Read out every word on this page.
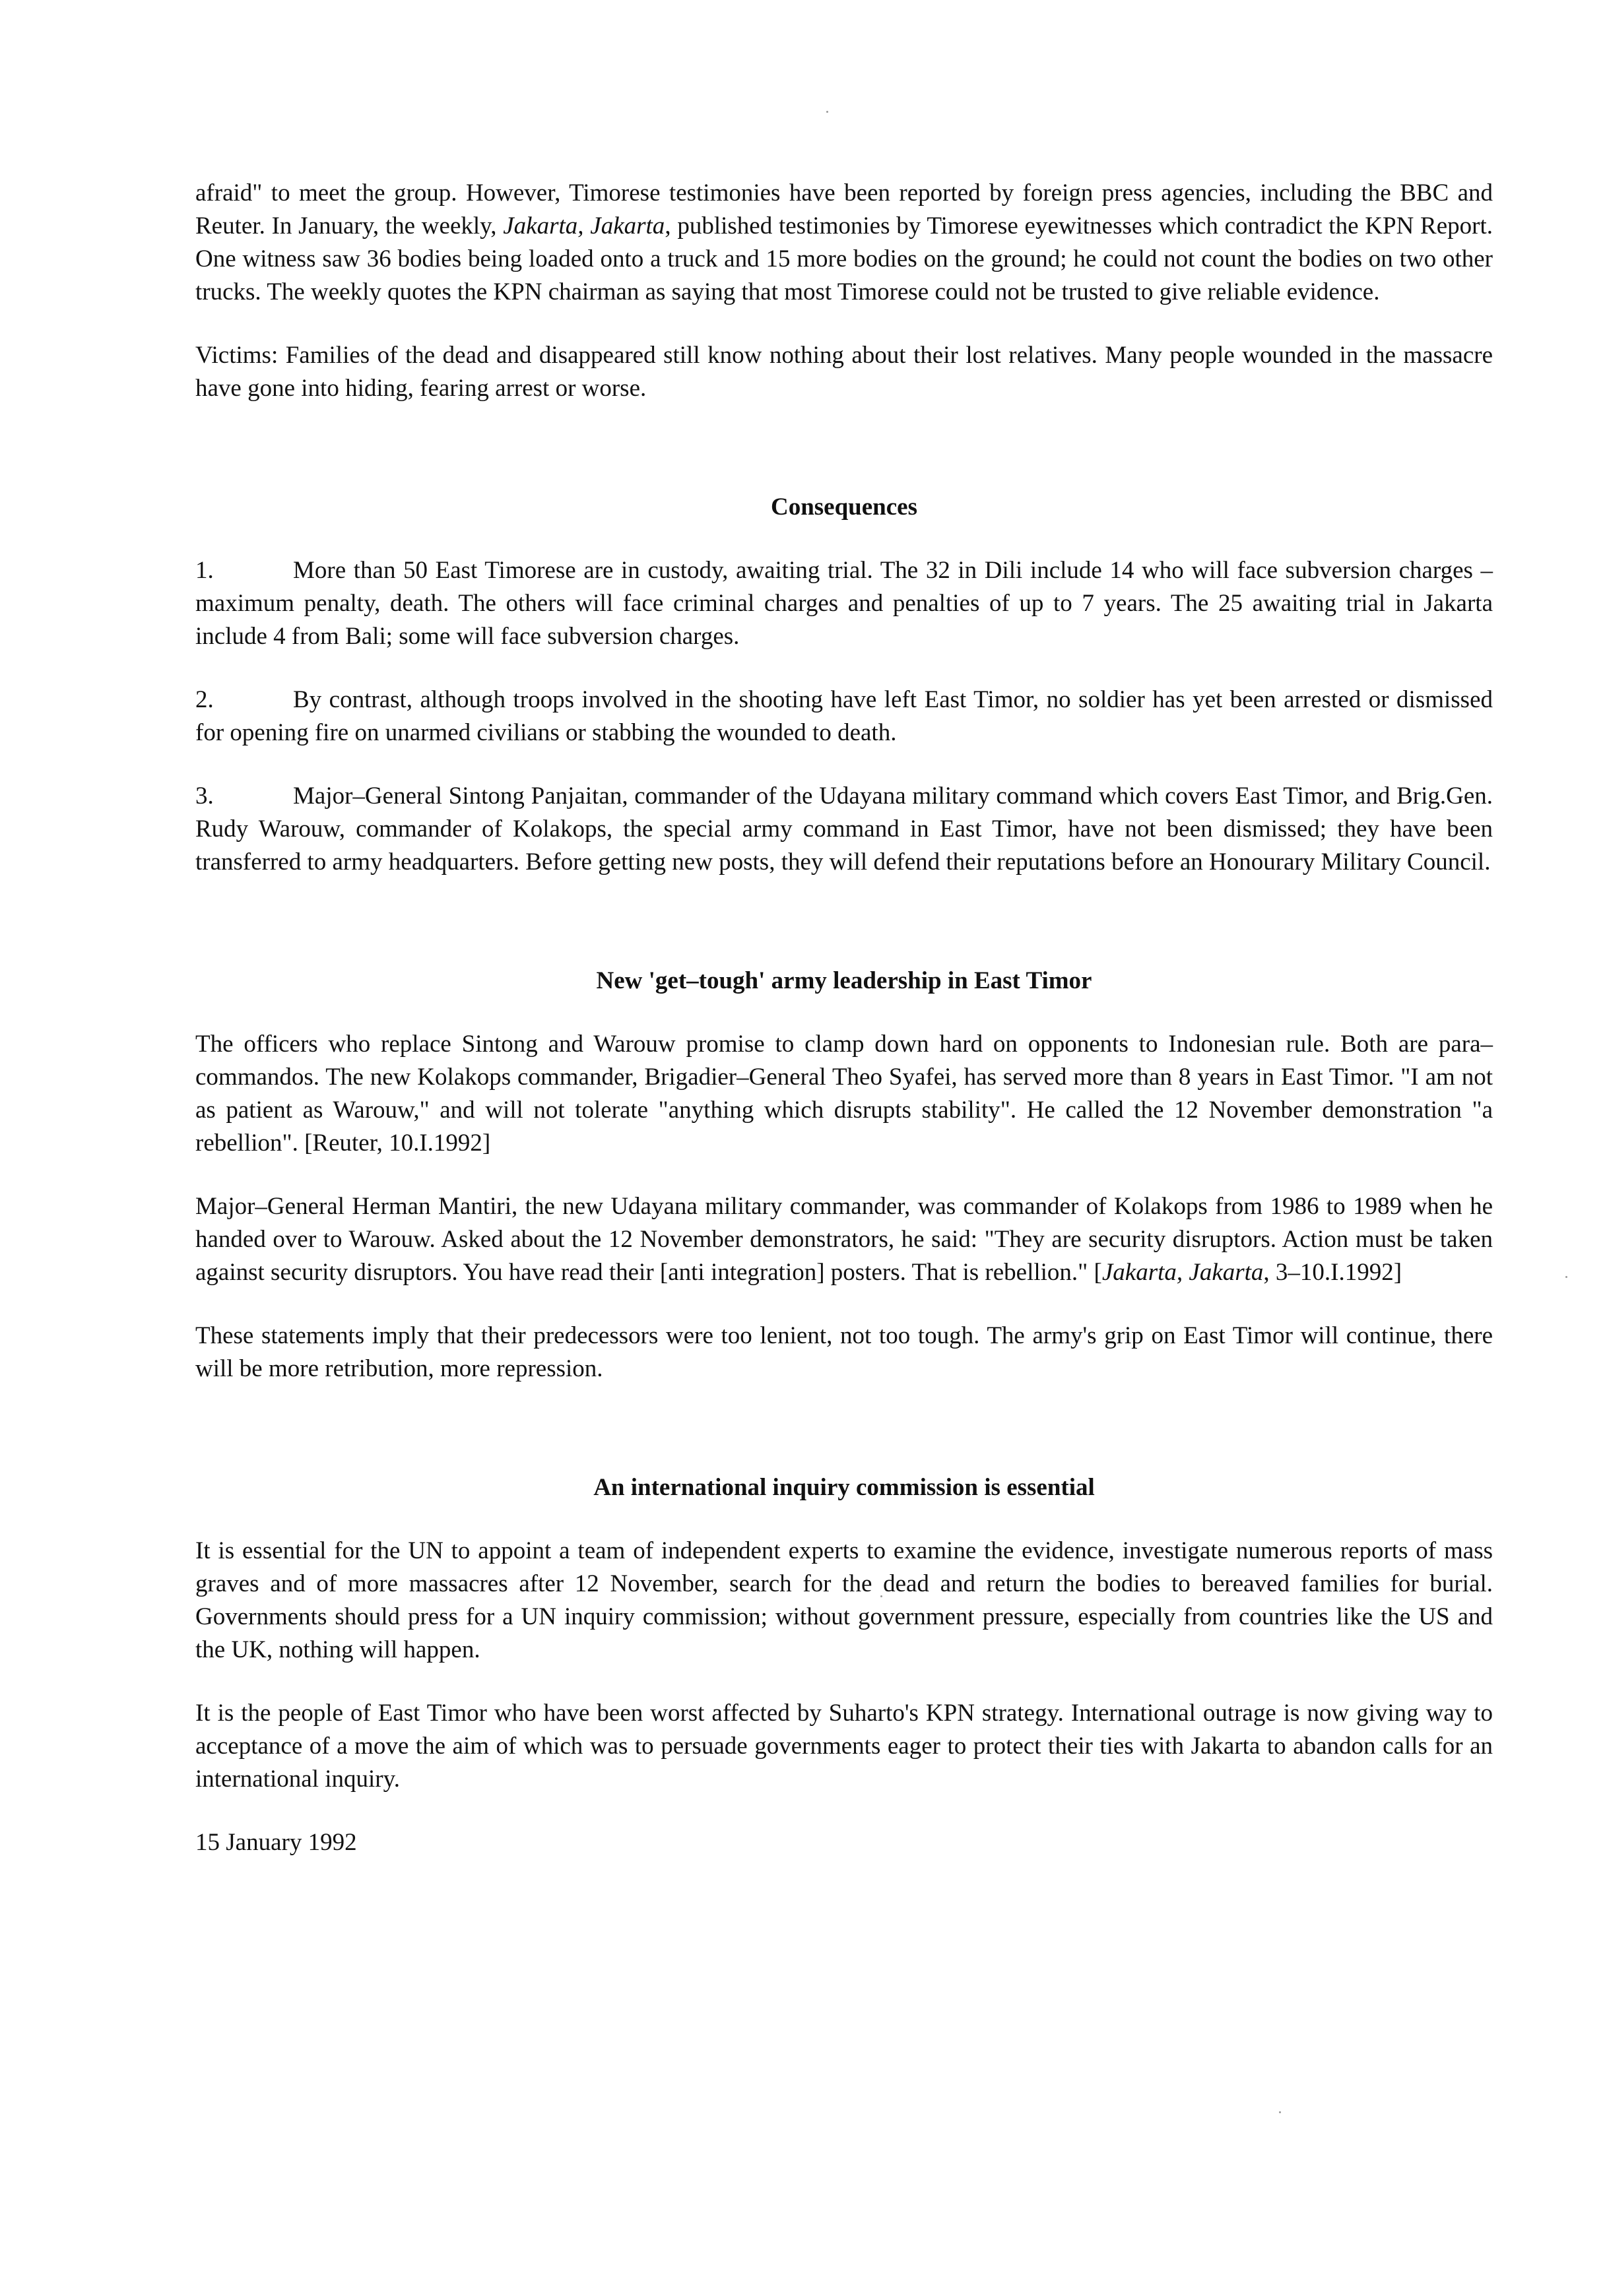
afraid" to meet the group. However, Timorese testimonies have been reported by foreign press agencies, including the BBC and Reuter. In January, the weekly, Jakarta, Jakarta, published testimonies by Timorese eyewitnesses which contradict the KPN Report. One witness saw 36 bodies being loaded onto a truck and 15 more bodies on the ground; he could not count the bodies on two other trucks. The weekly quotes the KPN chairman as saying that most Timorese could not be trusted to give reliable evidence.

Victims: Families of the dead and disappeared still know nothing about their lost relatives. Many people wounded in the massacre have gone into hiding, fearing arrest or worse.

Consequences

1.	More than 50 East Timorese are in custody, awaiting trial. The 32 in Dili include 14 who will face subversion charges – maximum penalty, death. The others will face criminal charges and penalties of up to 7 years. The 25 awaiting trial in Jakarta include 4 from Bali; some will face subversion charges.

2.	By contrast, although troops involved in the shooting have left East Timor, no soldier has yet been arrested or dismissed for opening fire on unarmed civilians or stabbing the wounded to death.

3.	Major–General Sintong Panjaitan, commander of the Udayana military command which covers East Timor, and Brig.Gen. Rudy Warouw, commander of Kolakops, the special army command in East Timor, have not been dismissed; they have been transferred to army headquarters. Before getting new posts, they will defend their reputations before an Honourary Military Council.

New 'get–tough' army leadership in East Timor

The officers who replace Sintong and Warouw promise to clamp down hard on opponents to Indonesian rule. Both are para–commandos. The new Kolakops commander, Brigadier–General Theo Syafei, has served more than 8 years in East Timor. "I am not as patient as Warouw," and will not tolerate "anything which disrupts stability". He called the 12 November demonstration "a rebellion". [Reuter, 10.I.1992]

Major–General Herman Mantiri, the new Udayana military commander, was commander of Kolakops from 1986 to 1989 when he handed over to Warouw. Asked about the 12 November demonstrators, he said: "They are security disruptors. Action must be taken against security disruptors. You have read their [anti integration] posters. That is rebellion." [Jakarta, Jakarta, 3–10.I.1992]

These statements imply that their predecessors were too lenient, not too tough. The army's grip on East Timor will continue, there will be more retribution, more repression.

An international inquiry commission is essential

It is essential for the UN to appoint a team of independent experts to examine the evidence, investigate numerous reports of mass graves and of more massacres after 12 November, search for the dead and return the bodies to bereaved families for burial. Governments should press for a UN inquiry commission; without government pressure, especially from countries like the US and the UK, nothing will happen.

It is the people of East Timor who have been worst affected by Suharto's KPN strategy. International outrage is now giving way to acceptance of a move the aim of which was to persuade governments eager to protect their ties with Jakarta to abandon calls for an international inquiry.

15 January 1992
